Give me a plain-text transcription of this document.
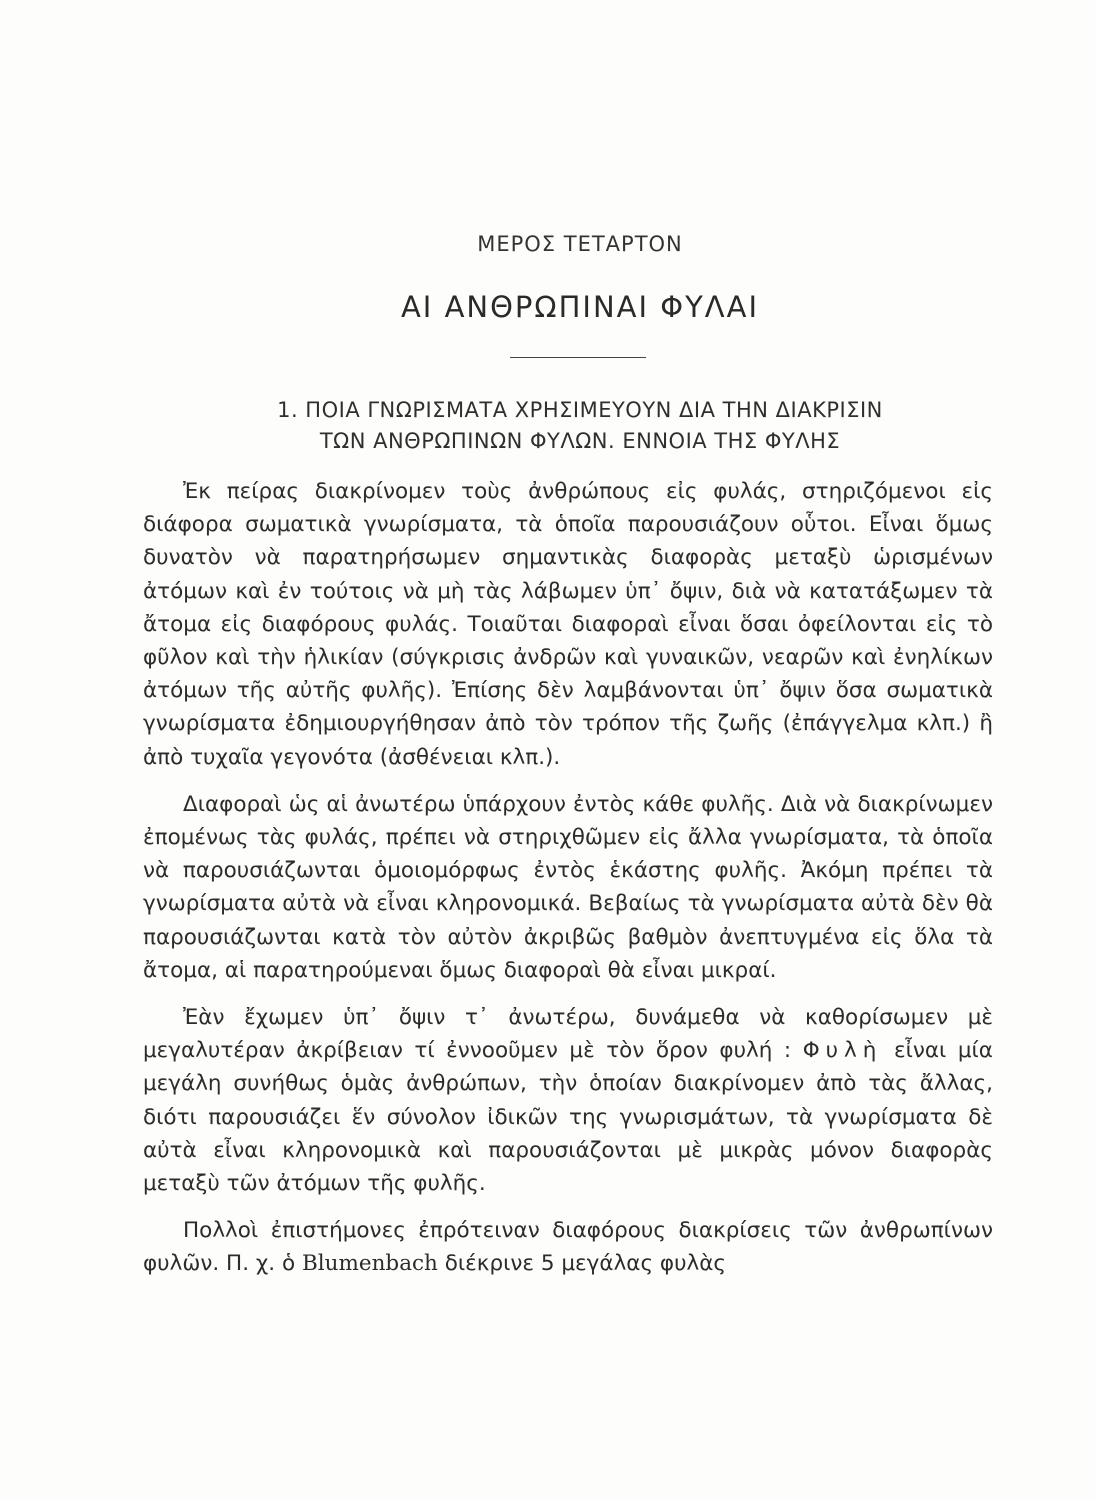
ΜΕΡΟΣ ΤΕΤΑΡΤΟΝ
ΑΙ ΑΝΘΡΩΠΙΝΑΙ ΦΥΛΑΙ
1. ΠΟΙΑ ΓΝΩΡΙΣΜΑΤΑ ΧΡΗΣΙΜΕΥΟΥΝ ΔΙΑ ΤΗΝ ΔΙΑΚΡΙΣΙΝ
ΤΩΝ ΑΝΘΡΩΠΙΝΩΝ ΦΥΛΩΝ. ΕΝΝΟΙΑ ΤΗΣ ΦΥΛΗΣ

Ἐκ πείρας διακρίνομεν τοὺς ἀνθρώπους εἰς φυλάς, στηριζόμενοι εἰς διάφορα σωματικὰ γνωρίσματα, τὰ ὁποῖα παρουσιάζουν οὗτοι. Εἶναι ὅμως δυνατὸν νὰ παρατηρήσωμεν σημαντικὰς διαφορὰς μεταξὺ ὡρισμένων ἀτόμων καὶ ἐν τούτοις νὰ μὴ τὰς λάβωμεν ὑπ᾿ ὄψιν, διὰ νὰ κατατάξωμεν τὰ ἄτομα εἰς διαφόρους φυλάς. Τοιαῦται διαφοραὶ εἶναι ὅσαι ὀφείλονται εἰς τὸ φῦλον καὶ τὴν ἡλικίαν (σύγκρισις ἀνδρῶν καὶ γυναικῶν, νεαρῶν καὶ ἐνηλίκων ἀτόμων τῆς αὐτῆς φυλῆς). Ἐπίσης δὲν λαμβάνονται ὑπ᾿ ὄψιν ὅσα σωματικὰ γνωρίσματα ἐδημιουργήθησαν ἀπὸ τὸν τρόπον τῆς ζωῆς (ἐπάγγελμα κλπ.) ἢ ἀπὸ τυχαῖα γεγονότα (ἀσθένειαι κλπ.).

Διαφοραὶ ὡς αἱ ἀνωτέρω ὑπάρχουν ἐντὸς κάθε φυλῆς. Διὰ νὰ διακρίνωμεν ἐπομένως τὰς φυλάς, πρέπει νὰ στηριχθῶμεν εἰς ἄλλα γνωρίσματα, τὰ ὁποῖα νὰ παρουσιάζωνται ὁμοιομόρφως ἐντὸς ἑκάστης φυλῆς. Ἀκόμη πρέπει τὰ γνωρίσματα αὐτὰ νὰ εἶναι κληρονομικά. Βεβαίως τὰ γνωρίσματα αὐτὰ δὲν θὰ παρουσιάζωνται κατὰ τὸν αὐτὸν ἀκριβῶς βαθμὸν ἀνεπτυγμένα εἰς ὅλα τὰ ἄτομα, αἱ παρατηρούμεναι ὅμως διαφοραὶ θὰ εἶναι μικραί.

Ἐὰν ἔχωμεν ὑπ᾿ ὄψιν τ᾿ ἀνωτέρω, δυνάμεθα νὰ καθορίσωμεν μὲ μεγαλυτέραν ἀκρίβειαν τί ἐννοοῦμεν μὲ τὸν ὅρον φυλή : Φυλὴ εἶναι μία μεγάλη συνήθως ὁμὰς ἀνθρώπων, τὴν ὁποίαν διακρίνομεν ἀπὸ τὰς ἄλλας, διότι παρουσιάζει ἕν σύνολον ἰδικῶν της γνωρισμάτων, τὰ γνωρίσματα δὲ αὐτὰ εἶναι κληρονομικὰ καὶ παρουσιάζονται μὲ μικρὰς μόνον διαφορὰς μεταξὺ τῶν ἀτόμων τῆς φυλῆς.

Πολλοὶ ἐπιστήμονες ἐπρότειναν διαφόρους διακρίσεις τῶν ἀνθρωπίνων φυλῶν. Π. χ. ὁ Blumenbach διέκρινε 5 μεγάλας φυλὰς
